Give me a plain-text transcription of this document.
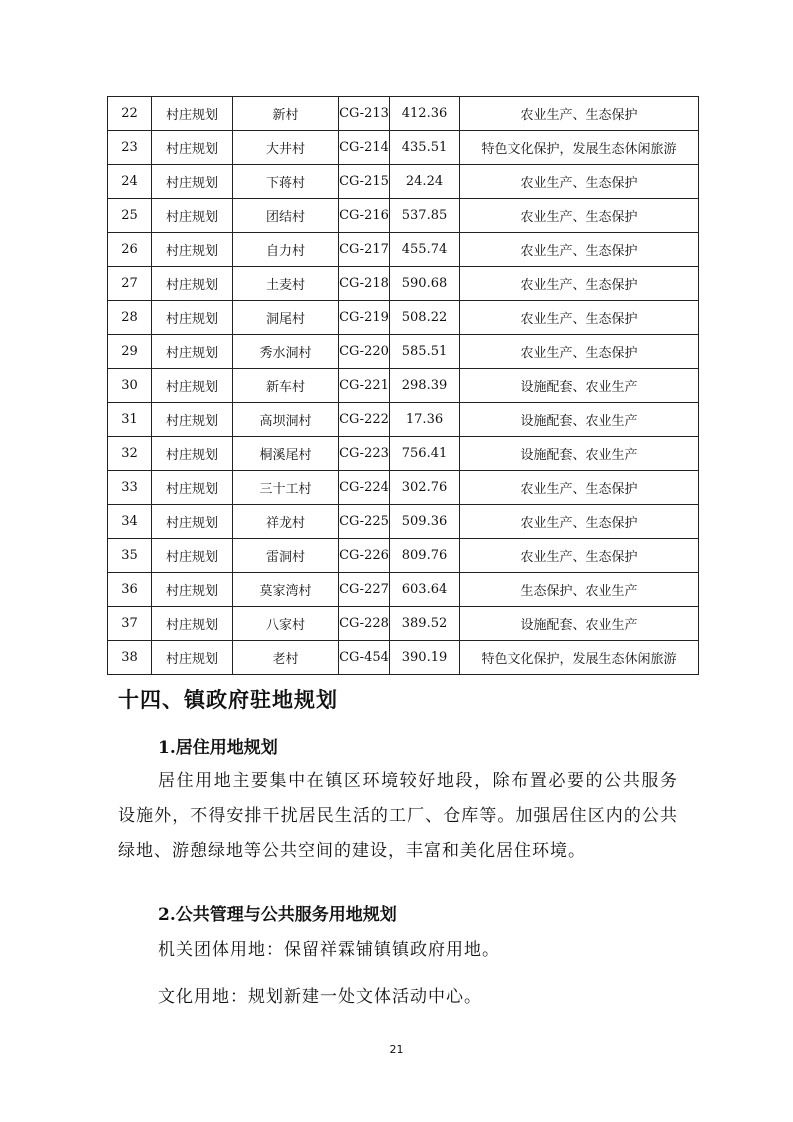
22	村庄规划	新村	CG-213	412.36	农业生产、生态保护
23	村庄规划	大井村	CG-214	435.51	特色文化保护，发展生态休闲旅游
24	村庄规划	下蒋村	CG-215	24.24	农业生产、生态保护
25	村庄规划	团结村	CG-216	537.85	农业生产、生态保护
26	村庄规划	自力村	CG-217	455.74	农业生产、生态保护
27	村庄规划	土麦村	CG-218	590.68	农业生产、生态保护
28	村庄规划	洞尾村	CG-219	508.22	农业生产、生态保护
29	村庄规划	秀水洞村	CG-220	585.51	农业生产、生态保护
30	村庄规划	新车村	CG-221	298.39	设施配套、农业生产
31	村庄规划	高坝洞村	CG-222	17.36	设施配套、农业生产
32	村庄规划	桐溪尾村	CG-223	756.41	设施配套、农业生产
33	村庄规划	三十工村	CG-224	302.76	农业生产、生态保护
34	村庄规划	祥龙村	CG-225	509.36	农业生产、生态保护
35	村庄规划	雷洞村	CG-226	809.76	农业生产、生态保护
36	村庄规划	莫家湾村	CG-227	603.64	生态保护、农业生产
37	村庄规划	八家村	CG-228	389.52	设施配套、农业生产
38	村庄规划	老村	CG-454	390.19	特色文化保护，发展生态休闲旅游
十四、镇政府驻地规划
1.居住用地规划

居住用地主要集中在镇区环境较好地段，除布置必要的公共服务设施外，不得安排干扰居民生活的工厂、仓库等。加强居住区内的公共绿地、游憩绿地等公共空间的建设，丰富和美化居住环境。

2.公共管理与公共服务用地规划

机关团体用地：保留祥霖铺镇镇政府用地。

文化用地：规划新建一处文体活动中心。

21
